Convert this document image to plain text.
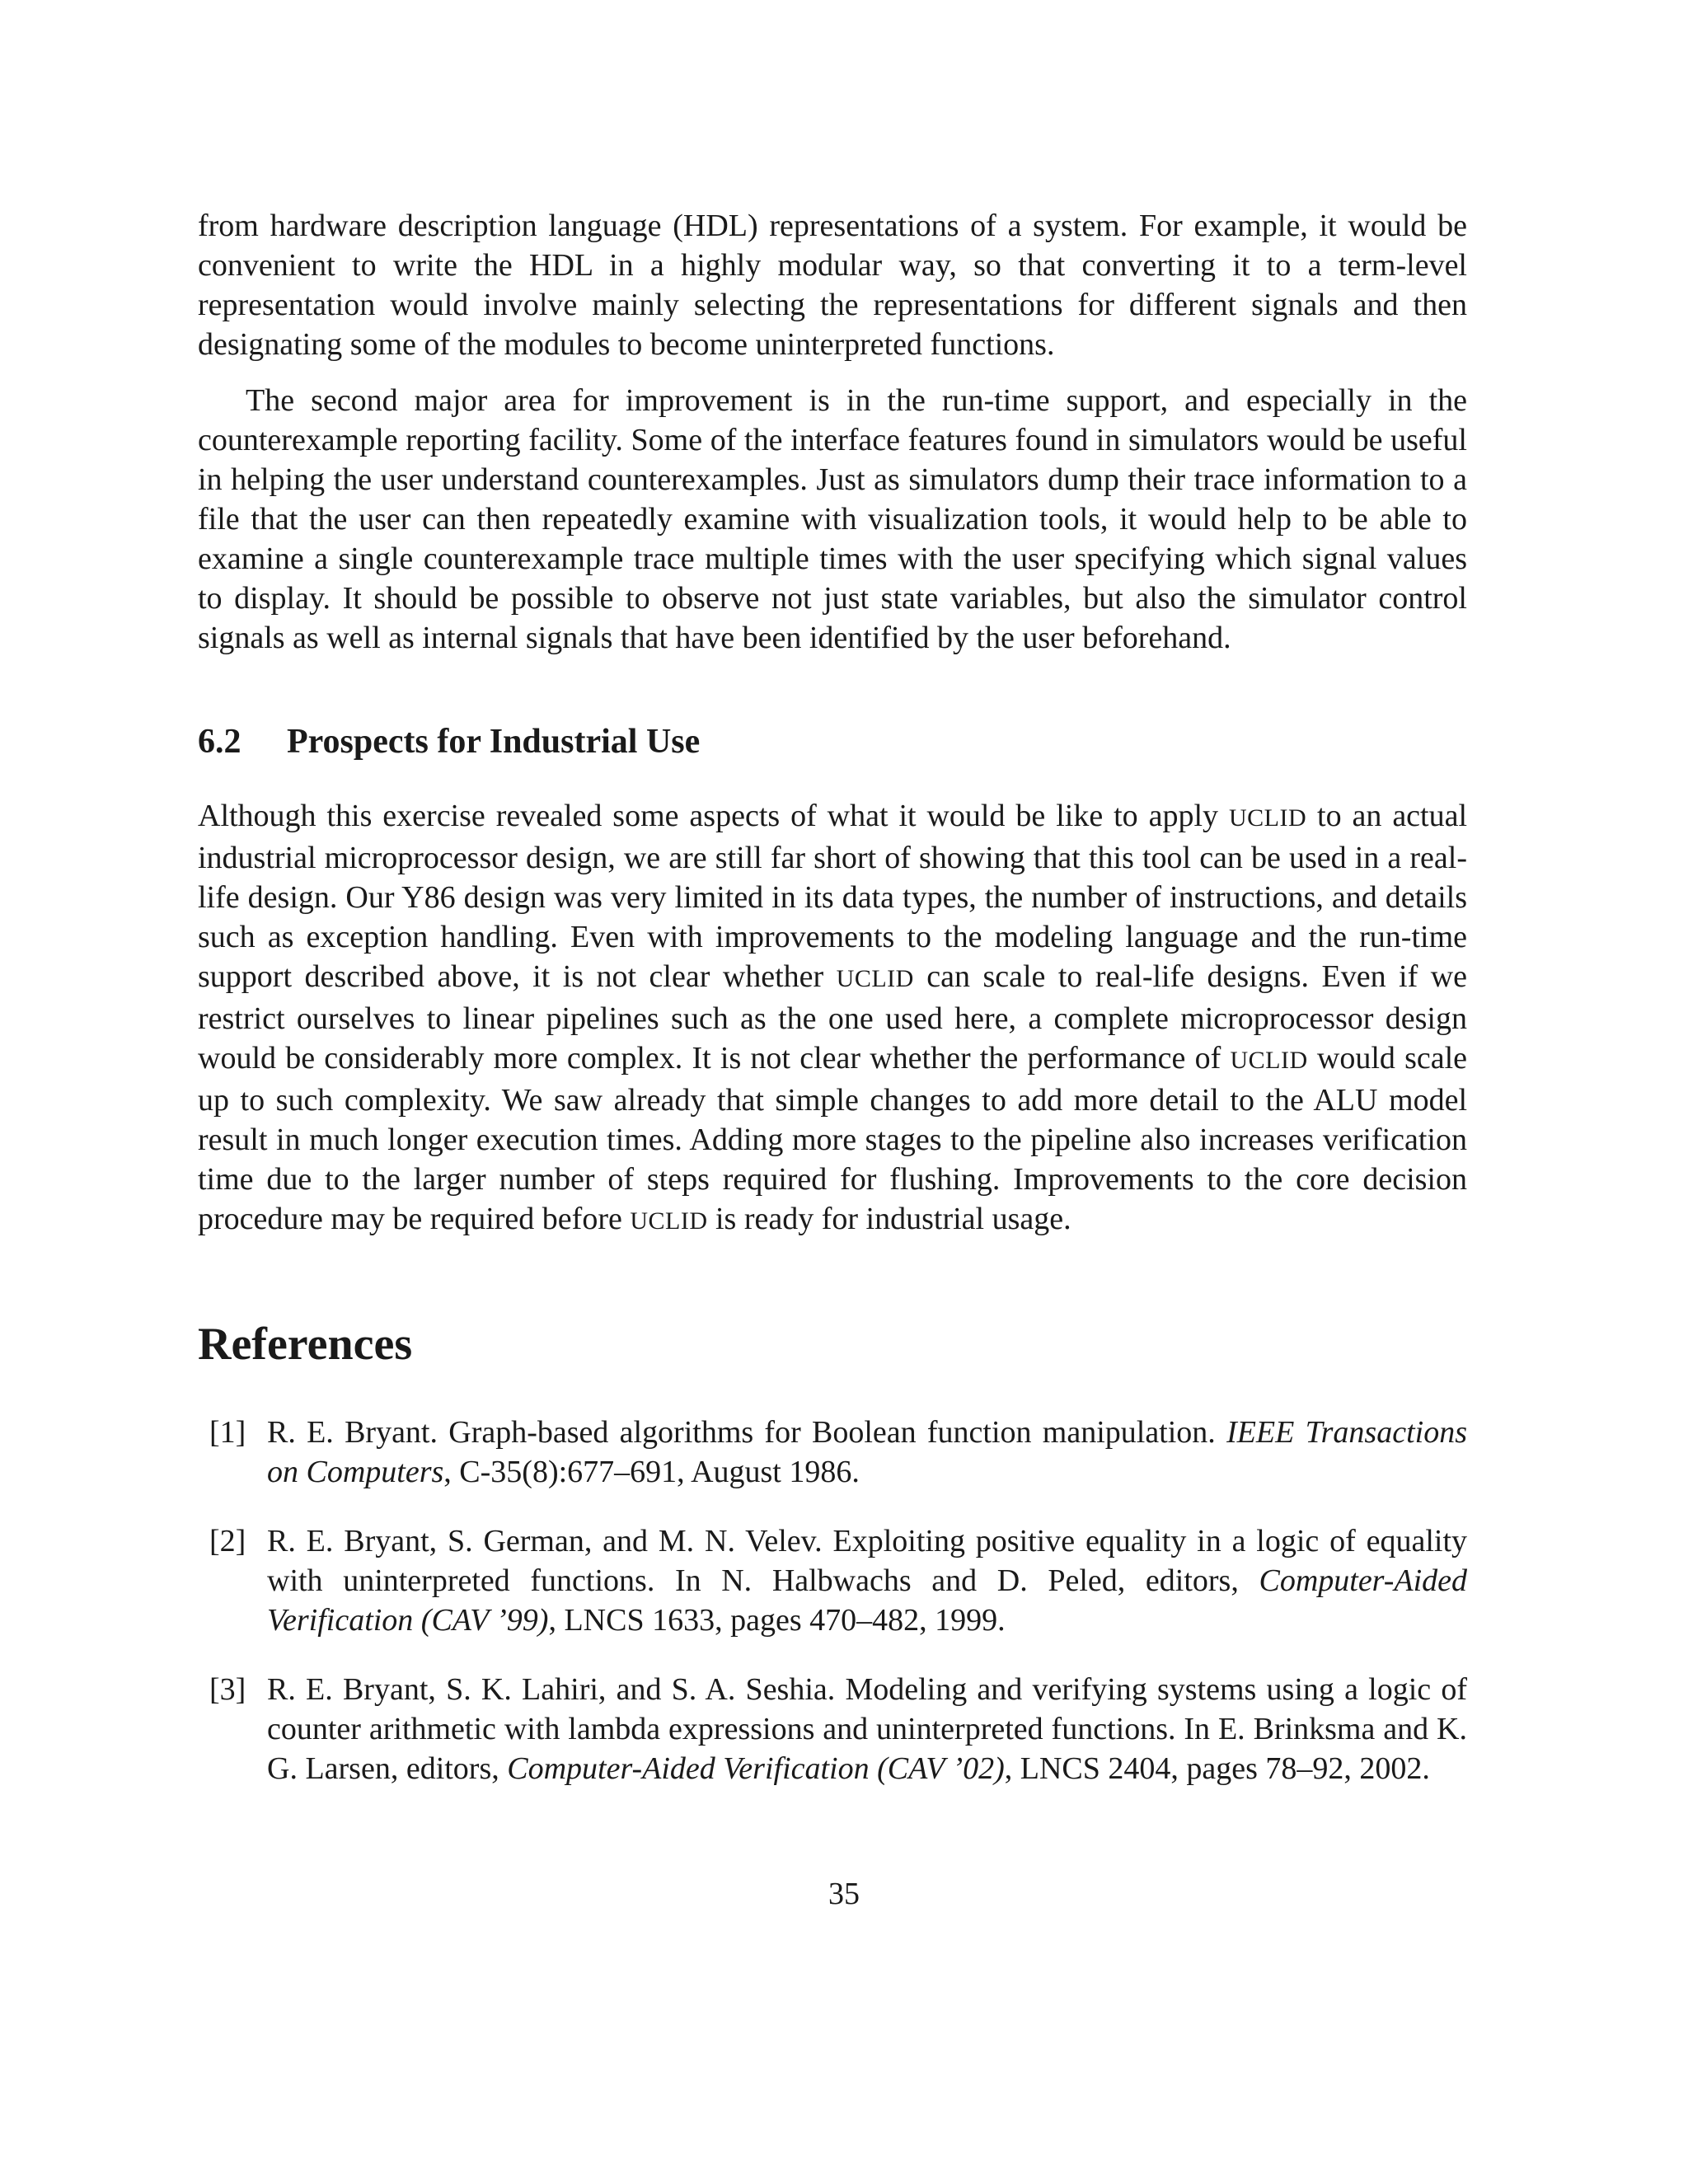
from hardware description language (HDL) representations of a system. For example, it would be convenient to write the HDL in a highly modular way, so that converting it to a term-level representation would involve mainly selecting the representations for different signals and then designating some of the modules to become uninterpreted functions.

The second major area for improvement is in the run-time support, and especially in the counterexample reporting facility. Some of the interface features found in simulators would be useful in helping the user understand counterexamples. Just as simulators dump their trace information to a file that the user can then repeatedly examine with visualization tools, it would help to be able to examine a single counterexample trace multiple times with the user specifying which signal values to display. It should be possible to observe not just state variables, but also the simulator control signals as well as internal signals that have been identified by the user beforehand.

6.2 Prospects for Industrial Use

Although this exercise revealed some aspects of what it would be like to apply UCLID to an actual industrial microprocessor design, we are still far short of showing that this tool can be used in a real-life design. Our Y86 design was very limited in its data types, the number of instructions, and details such as exception handling. Even with improvements to the modeling language and the run-time support described above, it is not clear whether UCLID can scale to real-life designs. Even if we restrict ourselves to linear pipelines such as the one used here, a complete microprocessor design would be considerably more complex. It is not clear whether the performance of UCLID would scale up to such complexity. We saw already that simple changes to add more detail to the ALU model result in much longer execution times. Adding more stages to the pipeline also increases verification time due to the larger number of steps required for flushing. Improvements to the core decision procedure may be required before UCLID is ready for industrial usage.

References
[1] R. E. Bryant. Graph-based algorithms for Boolean function manipulation. IEEE Transactions on Computers, C-35(8):677–691, August 1986.
[2] R. E. Bryant, S. German, and M. N. Velev. Exploiting positive equality in a logic of equality with uninterpreted functions. In N. Halbwachs and D. Peled, editors, Computer-Aided Verification (CAV ’99), LNCS 1633, pages 470–482, 1999.
[3] R. E. Bryant, S. K. Lahiri, and S. A. Seshia. Modeling and verifying systems using a logic of counter arithmetic with lambda expressions and uninterpreted functions. In E. Brinksma and K. G. Larsen, editors, Computer-Aided Verification (CAV ’02), LNCS 2404, pages 78–92, 2002.
35
